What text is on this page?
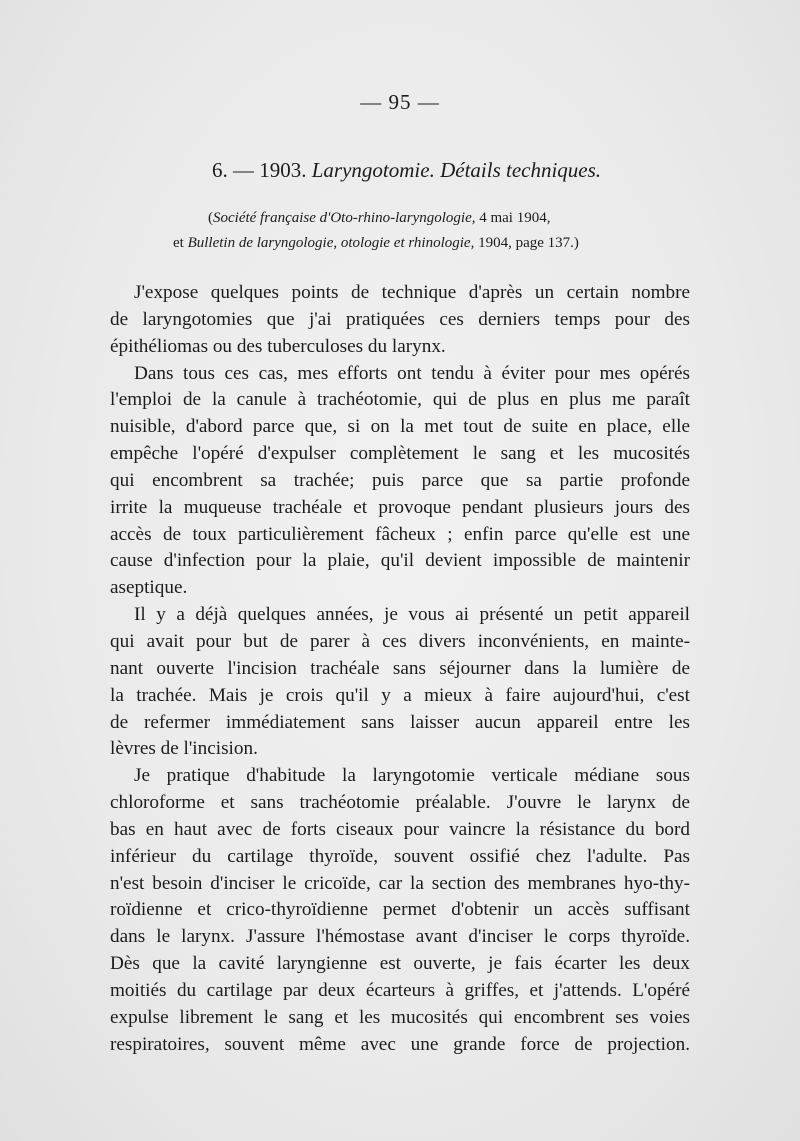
— 95 —
6. — 1903. Laryngotomie. Détails techniques.
(Société française d'Oto-rhino-laryngologie, 4 mai 1904,
et Bulletin de laryngologie, otologie et rhinologie, 1904, page 137.)
J'expose quelques points de technique d'après un certain nombre
de laryngotomies que j'ai pratiquées ces derniers temps pour des
épithéliomas ou des tuberculoses du larynx.
Dans tous ces cas, mes efforts ont tendu à éviter pour mes opérés
l'emploi de la canule à trachéotomie, qui de plus en plus me paraît
nuisible, d'abord parce que, si on la met tout de suite en place, elle
empêche l'opéré d'expulser complètement le sang et les mucosités
qui encombrent sa trachée; puis parce que sa partie profonde
irrite la muqueuse trachéale et provoque pendant plusieurs jours des
accès de toux particulièrement fâcheux ; enfin parce qu'elle est une
cause d'infection pour la plaie, qu'il devient impossible de maintenir
aseptique.
Il y a déjà quelques années, je vous ai présenté un petit appareil
qui avait pour but de parer à ces divers inconvénients, en mainte-
nant ouverte l'incision trachéale sans séjourner dans la lumière de
la trachée. Mais je crois qu'il y a mieux à faire aujourd'hui, c'est
de refermer immédiatement sans laisser aucun appareil entre les
lèvres de l'incision.
Je pratique d'habitude la laryngotomie verticale médiane sous
chloroforme et sans trachéotomie préalable. J'ouvre le larynx de
bas en haut avec de forts ciseaux pour vaincre la résistance du bord
inférieur du cartilage thyroïde, souvent ossifié chez l'adulte. Pas
n'est besoin d'inciser le cricoïde, car la section des membranes hyo-thy-
roïdienne et crico-thyroïdienne permet d'obtenir un accès suffisant
dans le larynx. J'assure l'hémostase avant d'inciser le corps thyroïde.
Dès que la cavité laryngienne est ouverte, je fais écarter les deux
moitiés du cartilage par deux écarteurs à griffes, et j'attends. L'opéré
expulse librement le sang et les mucosités qui encombrent ses voies
respiratoires, souvent même avec une grande force de projection.
